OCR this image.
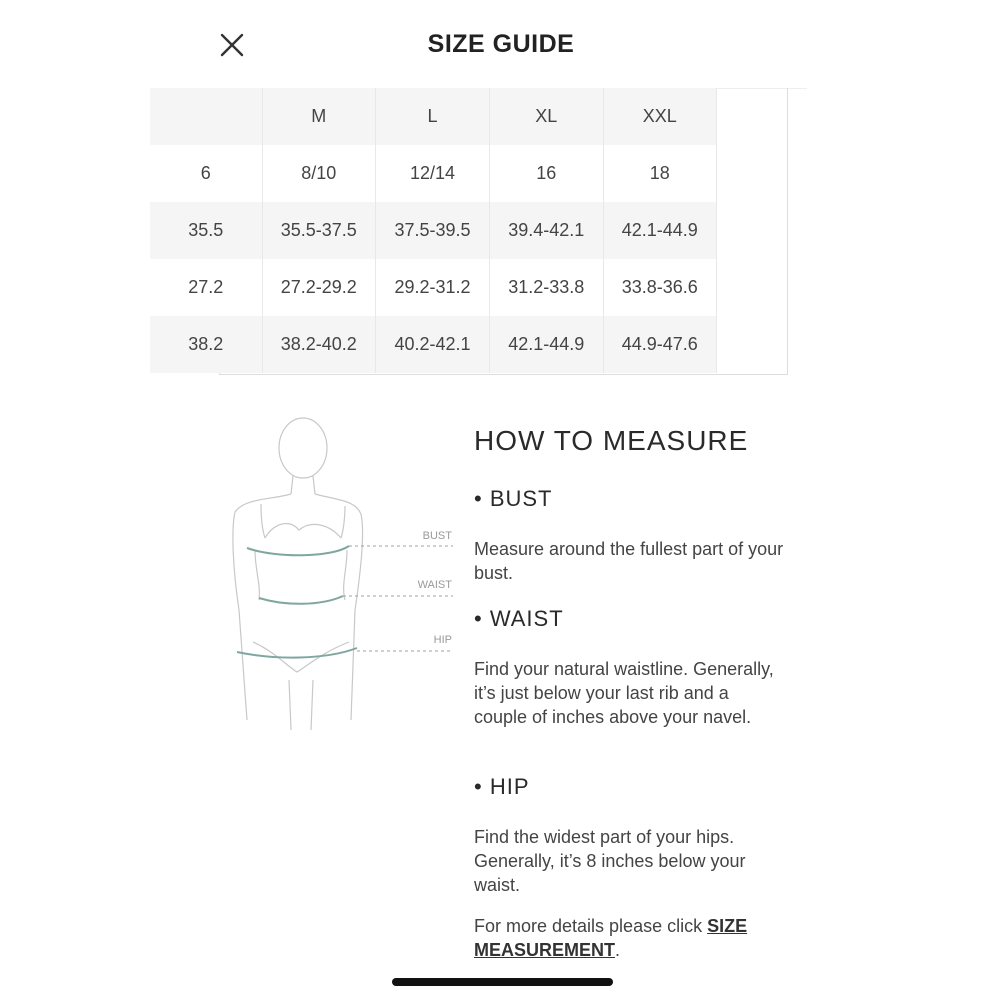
SIZE GUIDE
	M	L	XL	XXL
6	8/10	12/14	16	18
35.5	35.5-37.5	37.5-39.5	39.4-42.1	42.1-44.9
27.2	27.2-29.2	29.2-31.2	31.2-33.8	33.8-36.6
38.2	38.2-40.2	40.2-42.1	42.1-44.9	44.9-47.6
BUST
WAIST
HIP
HOW TO MEASURE
• BUST
Measure around the fullest part of your bust.
• WAIST
Find your natural waistline. Generally, it’s just below your last rib and a couple of inches above your navel.
• HIP
Find the widest part of your hips. Generally, it’s 8 inches below your waist.
For more details please click SIZE MEASUREMENT.
